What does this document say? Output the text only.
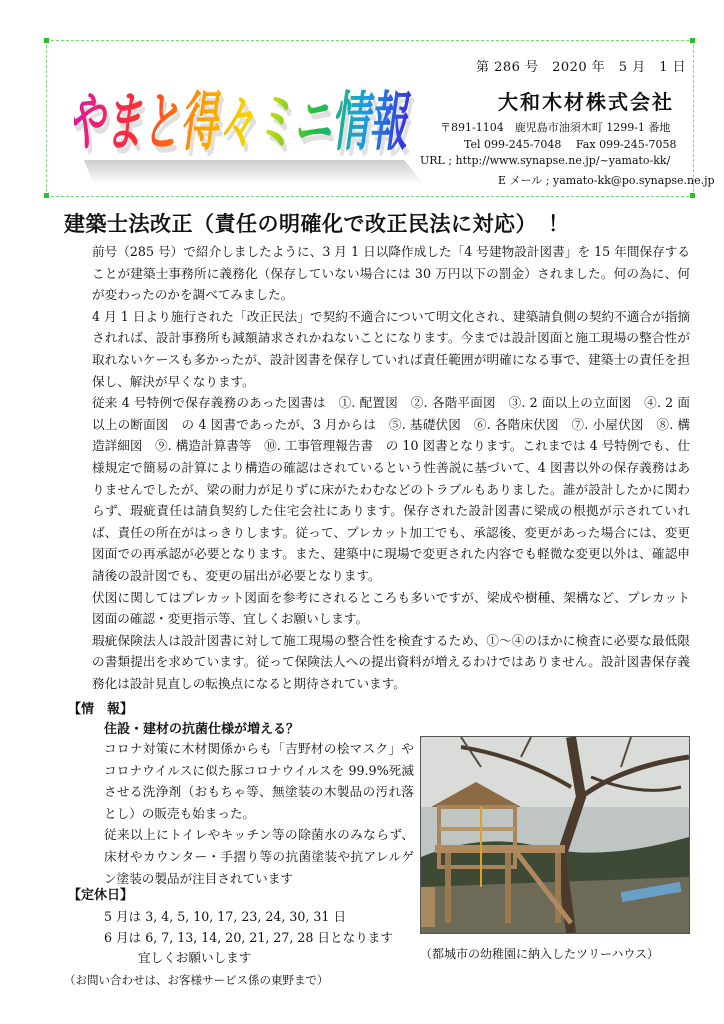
やまと得々ミニ情報
やまと得々ミニ情報
第 286 号　2020 年　5 月　1 日
大和木材株式会社
〒891-1104　鹿児島市油須木町 1299-1 番地
Tel 099-245-7048　 Fax 099-245-7058
URL ; http://www.synapse.ne.jp/~yamato-kk/
E メール ; yamato-kk@po.synapse.ne.jp
建築士法改正（責任の明確化で改正民法に対応）　！

前号（285 号）で紹介しましたように、3 月 1 日以降作成した「4 号建物設計図書」を 15 年間保存することが建築士事務所に義務化（保存していない場合には 30 万円以下の罰金）されました。何の為に、何が変わったのかを調べてみました。

4 月 1 日より施行された「改正民法」で契約不適合について明文化され、建築請負側の契約不適合が指摘されれば、設計事務所も減額請求されかねないことになります。今までは設計図面と施工現場の整合性が取れないケースも多かったが、設計図書を保存していれば責任範囲が明確になる事で、建築士の責任を担保し、解決が早くなります。

従来 4 号特例で保存義務のあった図書は　①. 配置図　②. 各階平面図　③. 2 面以上の立面図　④. 2 面以上の断面図　の 4 図書であったが、3 月からは　⑤. 基礎伏図　⑥. 各階床伏図　⑦. 小屋伏図　⑧. 構造詳細図　⑨. 構造計算書等　⑩. 工事管理報告書　の 10 図書となります。これまでは 4 号特例でも、仕様規定で簡易の計算により構造の確認はされているという性善説に基づいて、4 図書以外の保存義務はありませんでしたが、梁の耐力が足りずに床がたわむなどのトラブルもありました。誰が設計したかに関わらず、瑕疵責任は請負契約した住宅会社にあります。保存された設計図書に梁成の根拠が示されていれば、責任の所在がはっきりします。従って、プレカット加工でも、承認後、変更があった場合には、変更図面での再承認が必要となります。また、建築中に現場で変更された内容でも軽微な変更以外は、確認申請後の設計図でも、変更の届出が必要となります。

伏図に関してはプレカット図面を参考にされるところも多いですが、梁成や樹種、架構など、プレカット図面の確認・変更指示等、宜しくお願いします。

瑕疵保険法人は設計図書に対して施工現場の整合性を検査するため、①～④のほかに検査に必要な最低限の書類提出を求めています。従って保険法人への提出資料が増えるわけではありません。設計図書保存義務化は設計見直しの転換点になると期待されています。

【情　報】
住設・建材の抗菌仕様が増える？

コロナ対策に木材関係からも「吉野材の桧マスク」やコロナウイルスに似た豚コロナウイルスを 99.9%死滅させる洗浄剤（おもちゃ等、無塗装の木製品の汚れ落とし）の販売も始まった。

従来以上にトイレやキッチン等の除菌水のみならず、床材やカウンター・手摺り等の抗菌塗装や抗アレルゲン塗装の製品が注目されています

【定休日】
5 月は 3, 4, 5, 10, 17, 23, 24, 30, 31 日
6 月は 6, 7, 13, 14, 20, 21, 27, 28 日となります
宜しくお願いします	（都城市の幼稚園に納入したツリーハウス）
（お問い合わせは、お客様サービス係の東野まで）
